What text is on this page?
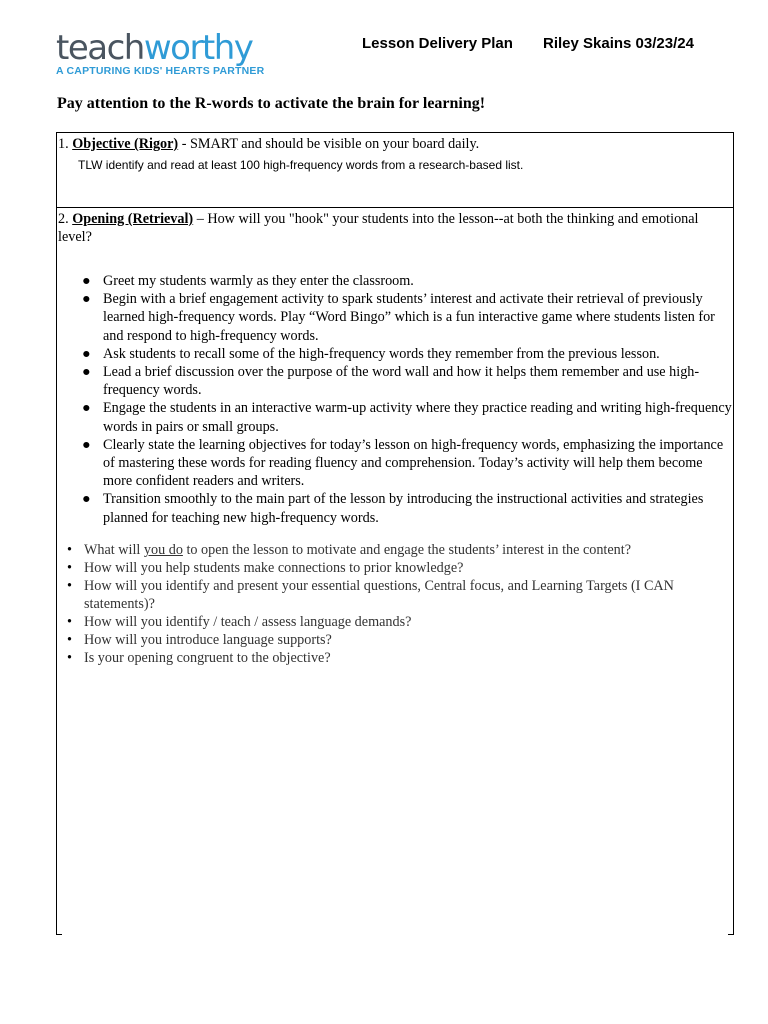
teachworthy
A CAPTURING KIDS' HEARTS PARTNER
Lesson Delivery Plan Riley Skains 03/23/24
Pay attention to the R-words to activate the brain for learning!
1. Objective (Rigor) - SMART and should be visible on your board daily.
TLW identify and read at least 100 high-frequency words from a research-based list.
2. Opening (Retrieval) – How will you "hook" your students into the lesson--at both the thinking and emotional level?
● Greet my students warmly as they enter the classroom.
● Begin with a brief engagement activity to spark students’ interest and activate their retrieval of previously learned high-frequency words. Play “Word Bingo” which is a fun interactive game where students listen for and respond to high-frequency words.
● Ask students to recall some of the high-frequency words they remember from the previous lesson.
● Lead a brief discussion over the purpose of the word wall and how it helps them remember and use high-frequency words.
● Engage the students in an interactive warm-up activity where they practice reading and writing high-frequency words in pairs or small groups.
● Clearly state the learning objectives for today’s lesson on high-frequency words, emphasizing the importance of mastering these words for reading fluency and comprehension. Today’s activity will help them become more confident readers and writers.
● Transition smoothly to the main part of the lesson by introducing the instructional activities and strategies planned for teaching new high-frequency words.
• What will you do to open the lesson to motivate and engage the students’ interest in the content?
• How will you help students make connections to prior knowledge?
• How will you identify and present your essential questions, Central focus, and Learning Targets (I CAN statements)?
• How will you identify / teach / assess language demands?
• How will you introduce language supports?
• Is your opening congruent to the objective?
